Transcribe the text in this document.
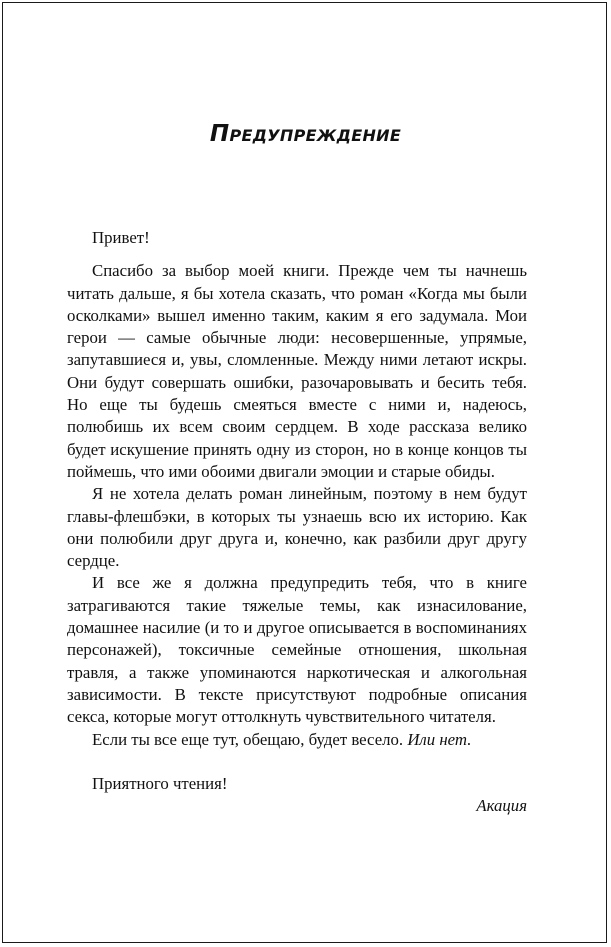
Предупреждение

Привет!

Спасибо за выбор моей книги. Прежде чем ты начнешь читать дальше, я бы хотела сказать, что роман «Когда мы были осколками» вышел именно таким, каким я его задумала. Мои герои — самые обычные люди: несовершенные, упрямые, запутавшиеся и, увы, сломленные. Между ними летают искры. Они будут совершать ошибки, разочаровывать и бесить тебя. Но еще ты будешь смеяться вместе с ними и, надеюсь, полюбишь их всем своим сердцем. В ходе рассказа велико будет искушение принять одну из сторон, но в конце концов ты поймешь, что ими обоими двигали эмоции и старые обиды.

Я не хотела делать роман линейным, поэтому в нем будут главы-флешбэки, в которых ты узнаешь всю их историю. Как они полюбили друг друга и, конечно, как разбили друг другу сердце.

И все же я должна предупредить тебя, что в книге затрагиваются такие тяжелые темы, как изнасилование, домашнее насилие (и то и другое описывается в воспоминаниях персонажей), токсичные семейные отношения, школьная травля, а также упоминаются наркотическая и алкогольная зависимости. В тексте присутствуют подробные описания секса, которые могут оттолкнуть чувствительного читателя.

Если ты все еще тут, обещаю, будет весело. Или нет.

Приятного чтения!

Акация
